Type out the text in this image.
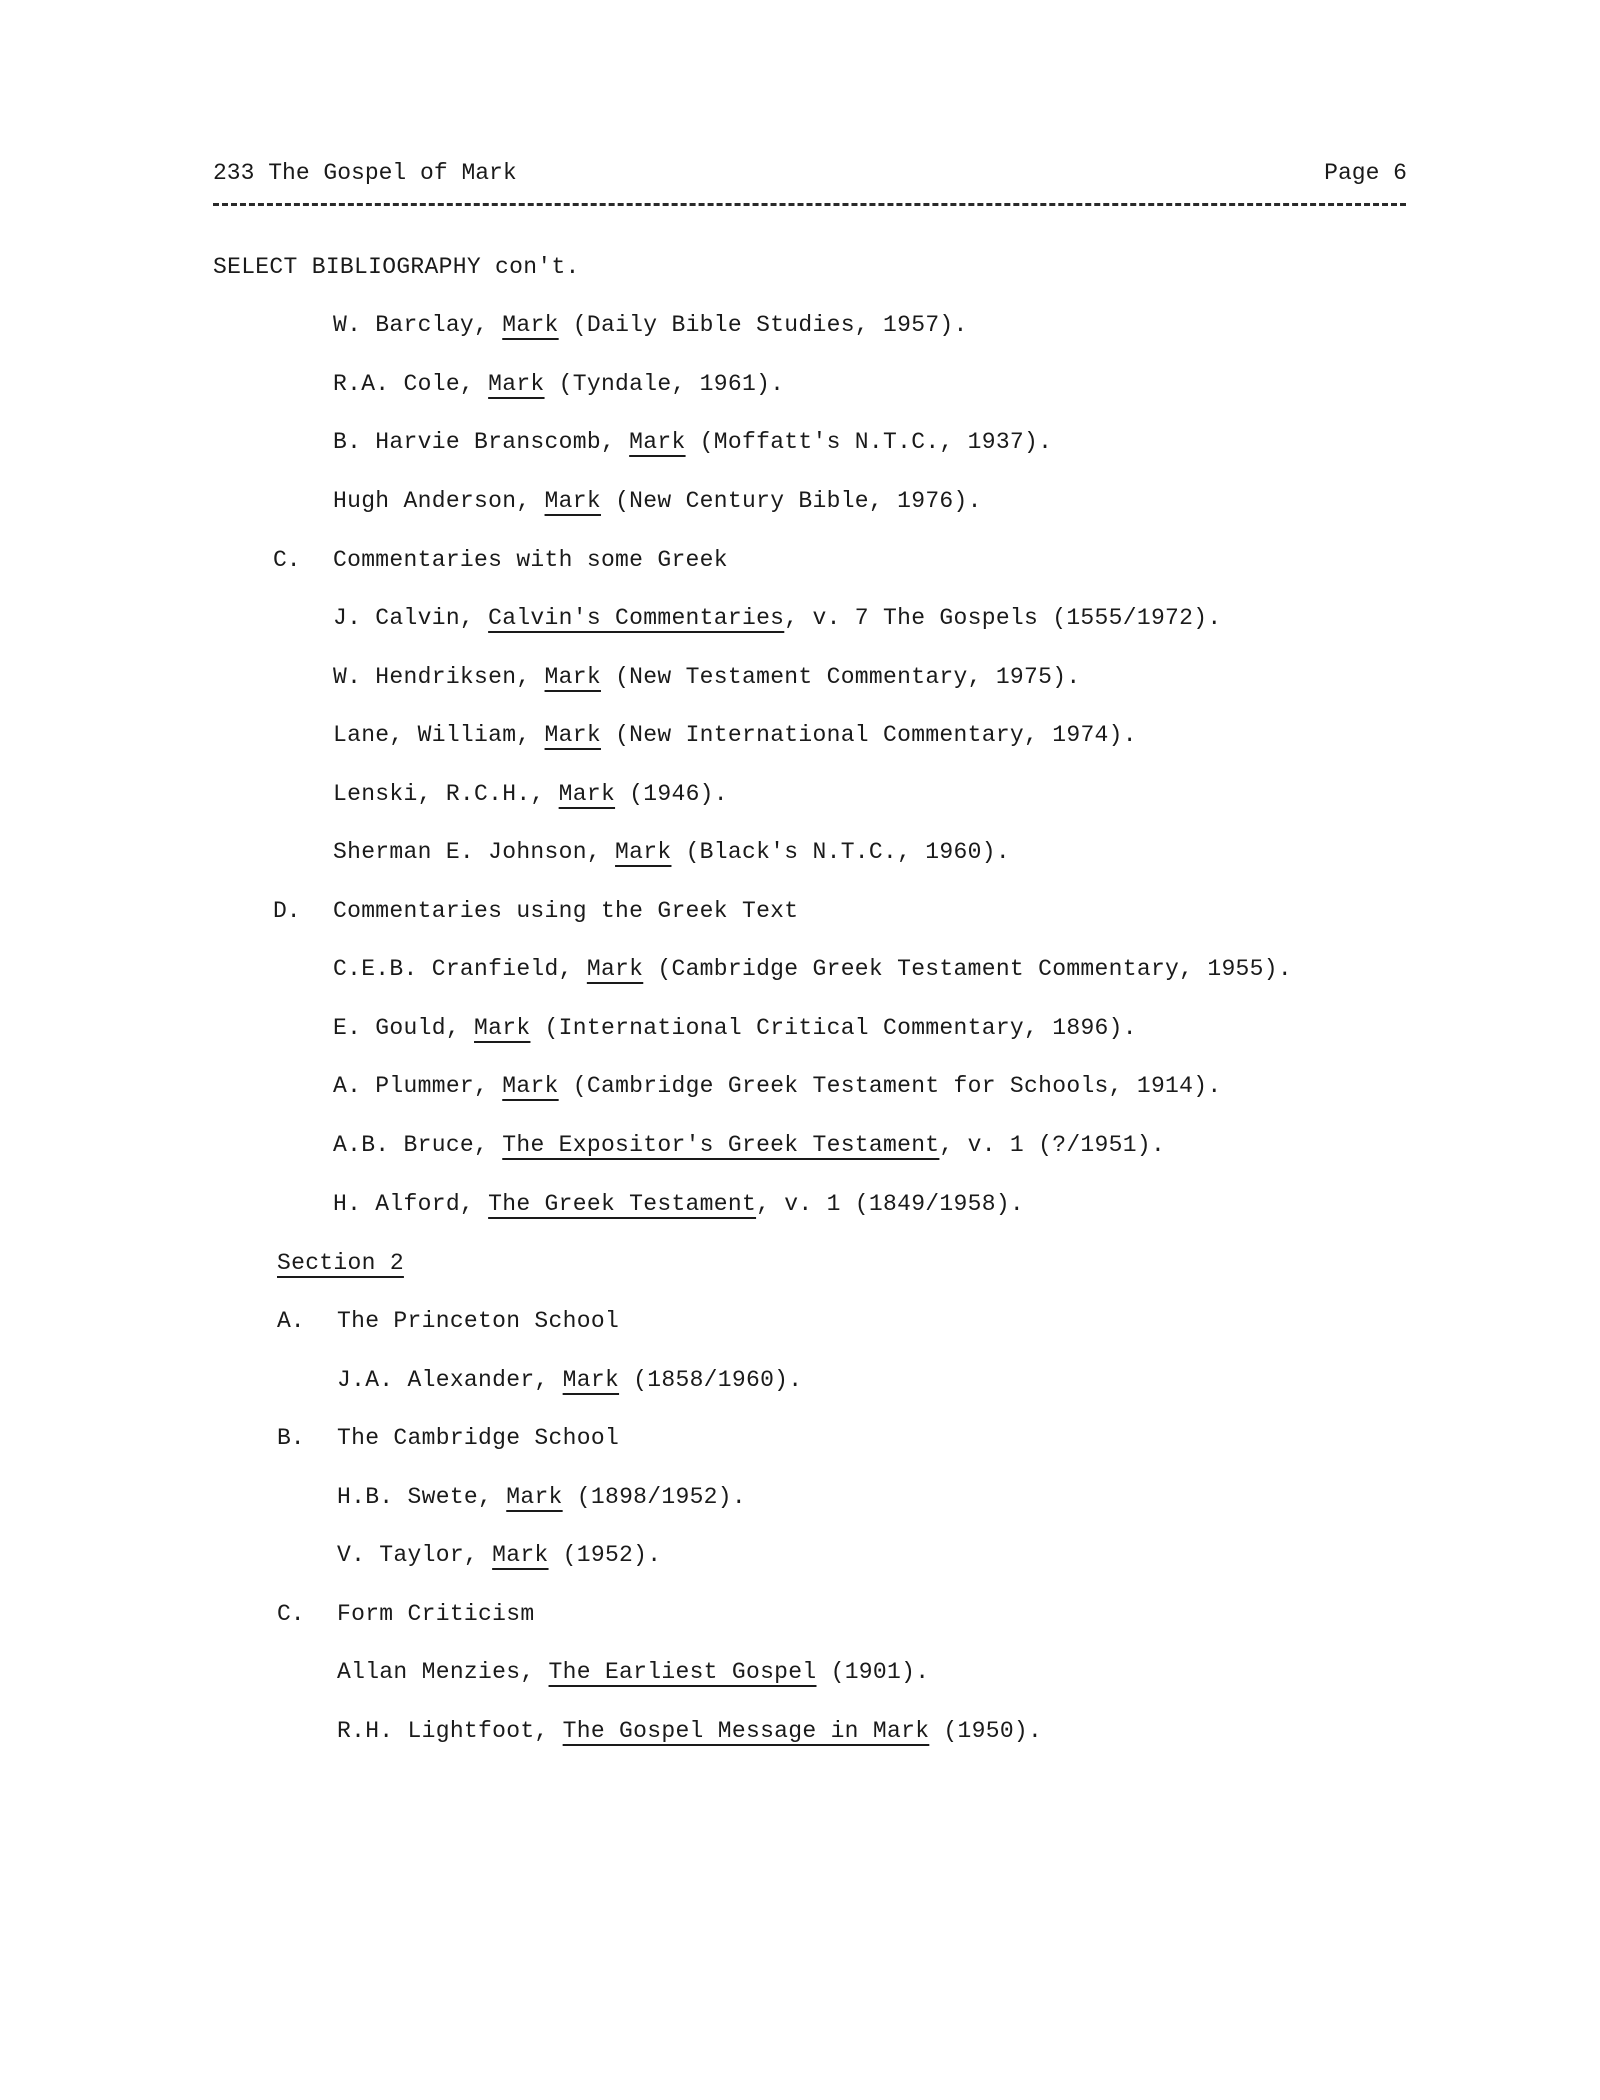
233 The Gospel of Mark	Page 6
SELECT BIBLIOGRAPHY con't.
W. Barclay, Mark (Daily Bible Studies, 1957).
R.A. Cole, Mark (Tyndale, 1961).
B. Harvie Branscomb, Mark (Moffatt's N.T.C., 1937).
Hugh Anderson, Mark (New Century Bible, 1976).
C. Commentaries with some Greek
J. Calvin, Calvin's Commentaries, v. 7 The Gospels (1555/1972).
W. Hendriksen, Mark (New Testament Commentary, 1975).
Lane, William, Mark (New International Commentary, 1974).
Lenski, R.C.H., Mark (1946).
Sherman E. Johnson, Mark (Black's N.T.C., 1960).
D. Commentaries using the Greek Text
C.E.B. Cranfield, Mark (Cambridge Greek Testament Commentary, 1955).
E. Gould, Mark (International Critical Commentary, 1896).
A. Plummer, Mark (Cambridge Greek Testament for Schools, 1914).
A.B. Bruce, The Expositor's Greek Testament, v. 1 (?/1951).
H. Alford, The Greek Testament, v. 1 (1849/1958).
Section 2
A. The Princeton School
J.A. Alexander, Mark (1858/1960).
B. The Cambridge School
H.B. Swete, Mark (1898/1952).
V. Taylor, Mark (1952).
C. Form Criticism
Allan Menzies, The Earliest Gospel (1901).
R.H. Lightfoot, The Gospel Message in Mark (1950).
